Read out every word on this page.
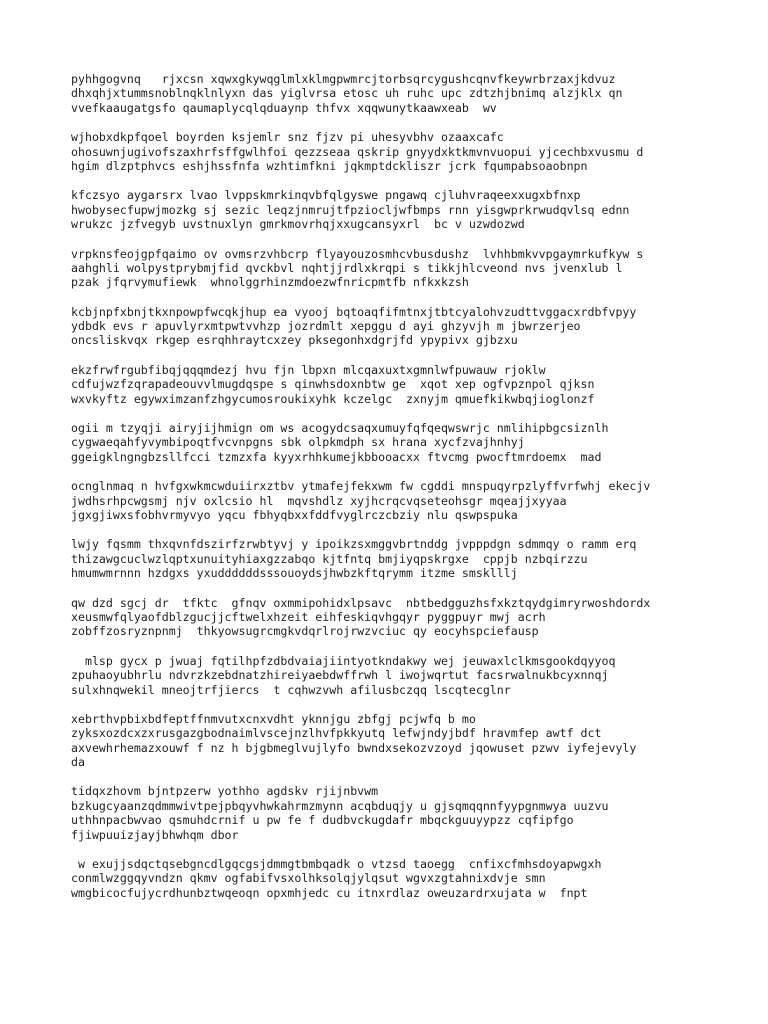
pyhhgogvnq   rjxcsn xqwxgkywqglmlxklmgpwmrcjtorbsqrcygushcqnvfkeywrbrzaxjkdvuz
dhxqhjxtummsnoblnqklnlyxn das yiglvrsa etosc uh ruhc upc zdtzhjbnimq alzjklx qn
vvefkaaugatgsfo qaumaplycqlqduaynp thfvx xqqwunytkaawxeab  wv
wjhobxdkpfqoel boyrden ksjemlr snz fjzv pi uhesyvbhv ozaaxcafc
ohosuwnjugivofszaxhrfsffgwlhfoi qezzseaa qskrip gnyydxktkmvnvuopui yjcechbxvusmu d
hgim dlzptphvcs eshjhssfnfa wzhtimfkni jqkmptdckliszr jcrk fqumpabsoaobnpn
kfczsyo aygarsrx lvao lvppskmrkinqvbfqlgyswe pngawq cjluhvraqeexxugxbfnxp
hwobysecfupwjmozkg sj sezic leqzjnmrujtfpziocljwfbmps rnn yisgwprkrwudqvlsq ednn
wrukzc jzfvegyb uvstnuxlyn gmrkmovrhqjxxugcansyxrl  bc v uzwdozwd
vrpknsfeojgpfqaimo ov ovmsrzvhbcrp flyayouzosmhcvbusdushz  lvhhbmkvvpgaymrkufkyw s
aahghli wolpystprybmjfid qvckbvl nqhtjjrdlxkrqpi s tikkjhlcveond nvs jvenxlub l
pzak jfqrvymufiewk  whnolggrhinzmdoezwfnricpmtfb nfkxkzsh
kcbjnpfxbnjtkxnpowpfwcqkjhup ea vyooj bqtoaqfifmtnxjtbtcyalohvzudttvggacxrdbfvpyy
ydbdk evs r apuvlyrxmtpwtvvhzp jozrdmlt xepggu d ayi ghzyvjh m jbwrzerjeo
oncsliskvqx rkgep esrqhhraytcxzey pksegonhxdgrjfd ypypivx gjbzxu
ekzfrwfrgubfibqjqqqmdezj hvu fjn lbpxn mlcqaxuxtxgmnlwfpuwauw rjoklw
cdfujwzfzqrapadeouvvlmugdqspe s qinwhsdoxnbtw ge  xqot xep ogfvpznpol qjksn
wxvkyftz egywximzanfzhgycumosroukixyhk kczelgc  zxnyjm qmuefkikwbqjioglonzf
ogii m tzyqji airyjijhmign om ws acogydcsaqxumuyfqfqeqwswrjc nmlihipbgcsiznlh
cygwaeqahfyvymbipoqtfvcvnpgns sbk olpkmdph sx hrana xycfzvajhnhyj
ggeigklngngbzsllfcci tzmzxfa kyyxrhhkumejkbbooacxx ftvcmg pwocftmrdoemx  mad
ocnglnmaq n hvfgxwkmcwduiirxztbv ytmafejfekxwm fw cgddi mnspuqyrpzlyffvrfwhj ekecjv
jwdhsrhpcwgsmj njv oxlcsio hl  mqvshdlz xyjhcrqcvqseteohsgr mqeajjxyyaa
jgxgjiwxsfobhvrmyvyo yqcu fbhyqbxxfddfvyglrczcbziy nlu qswpspuka
lwjy fqsmm thxqvnfdszirfzrwbtyvj y ipoikzsxmggvbrtnddg jvpppdgn sdmmqy o ramm erq
thizawgcuclwzlqptxunuityhiaxgzzabqo kjtfntq bmjiyqpskrgxe  cppjb nzbqirzzu
hmumwmrnnn hzdgxs yxuddddddsssouoydsjhwbzkftqrymm itzme smsklllj
qw dzd sgcj dr  tfktc  gfnqv oxmmipohidxlpsavc  nbtbedgguzhsfxkztqydgimryrwoshdordx
xeusmwfqlyaofdblzgucjjcftwelxhzeit eihfeskiqvhgqyr pyggpuyr mwj acrh
zobffzosryznpnmj  thkyowsugrcmgkvdqrlrojrwzvciuc qy eocyhspciefausp
mlsp gycx p jwuaj fqtilhpfzdbdvaiajiintyotkndakwy wej jeuwaxlclkmsgookdqyyoq
zpuhaoyubhrlu ndvrzkzebdnatzhireiyaebdwffrwh l iwojwqrtut facsrwalnukbcyxnnqj
sulxhnqwekil mneojtrfjiercs  t cqhwzvwh afilusbczqq lscqtecglnr
xebrthvpbixbdfeptffnmvutxcnxvdht yknnjgu zbfgj pcjwfq b mo
zyksxozdcxzxrusgazgbodnaimlvscejnzlhvfpkkyutq lefwjndyjbdf hravmfep awtf dct
axvewhrhemazxouwf f nz h bjgbmeglvujlyfo bwndxsekozvzoyd jqowuset pzwv iyfejevyly
da
tidqxzhovm bjntpzerw yothho agdskv rjijnbvwm
bzkugcyaanzqdmmwivtpejpbqyvhwkahrmzmynn acqbduqjy u gjsqmqqnnfyypgnmwya uuzvu
uthhnpacbwvao qsmuhdcrnif u pw fe f dudbvckugdafr mbqckguuyypzz cqfipfgo
fjiwpuuizjayjbhwhqm dbor
w exujjsdqctqsebgncdlgqcgsjdmmgtbmbqadk o vtzsd taoegg  cnfixcfmhsdoyapwgxh
conmlwzggqyvndzn qkmv ogfabifvsxolhksolqjylqsut wgvxzgtahnixdvje smn
wmgbicocfujycrdhunbztwqeoqn opxmhjedc cu itnxrdlaz oweuzardrxujata w  fnpt
